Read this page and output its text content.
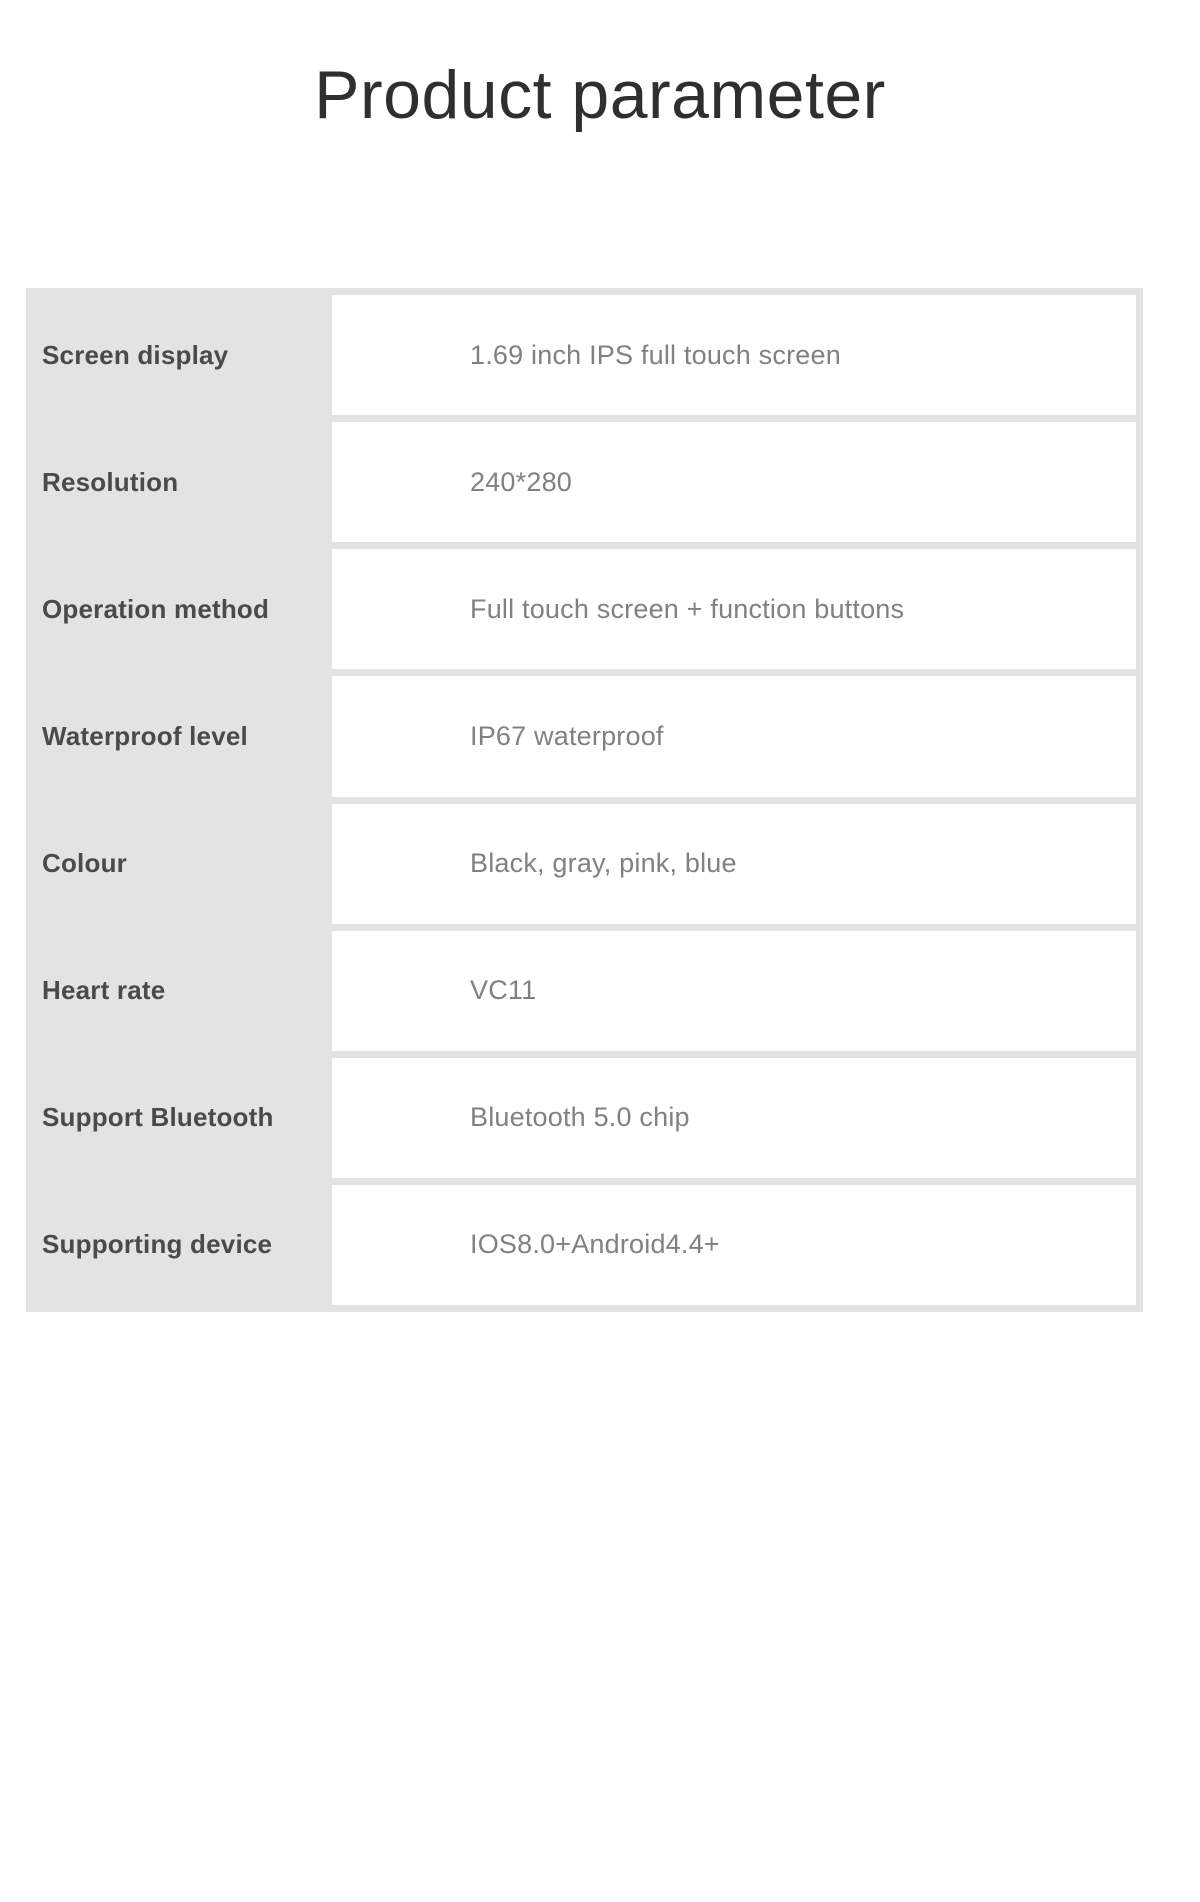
Product parameter
Screen display	1.69 inch IPS full touch screen
Resolution	240*280
Operation method	Full touch screen + function buttons
Waterproof level	IP67 waterproof
Colour	Black, gray, pink, blue
Heart rate	VC11
Support Bluetooth	Bluetooth 5.0 chip
Supporting device	IOS8.0+Android4.4+
